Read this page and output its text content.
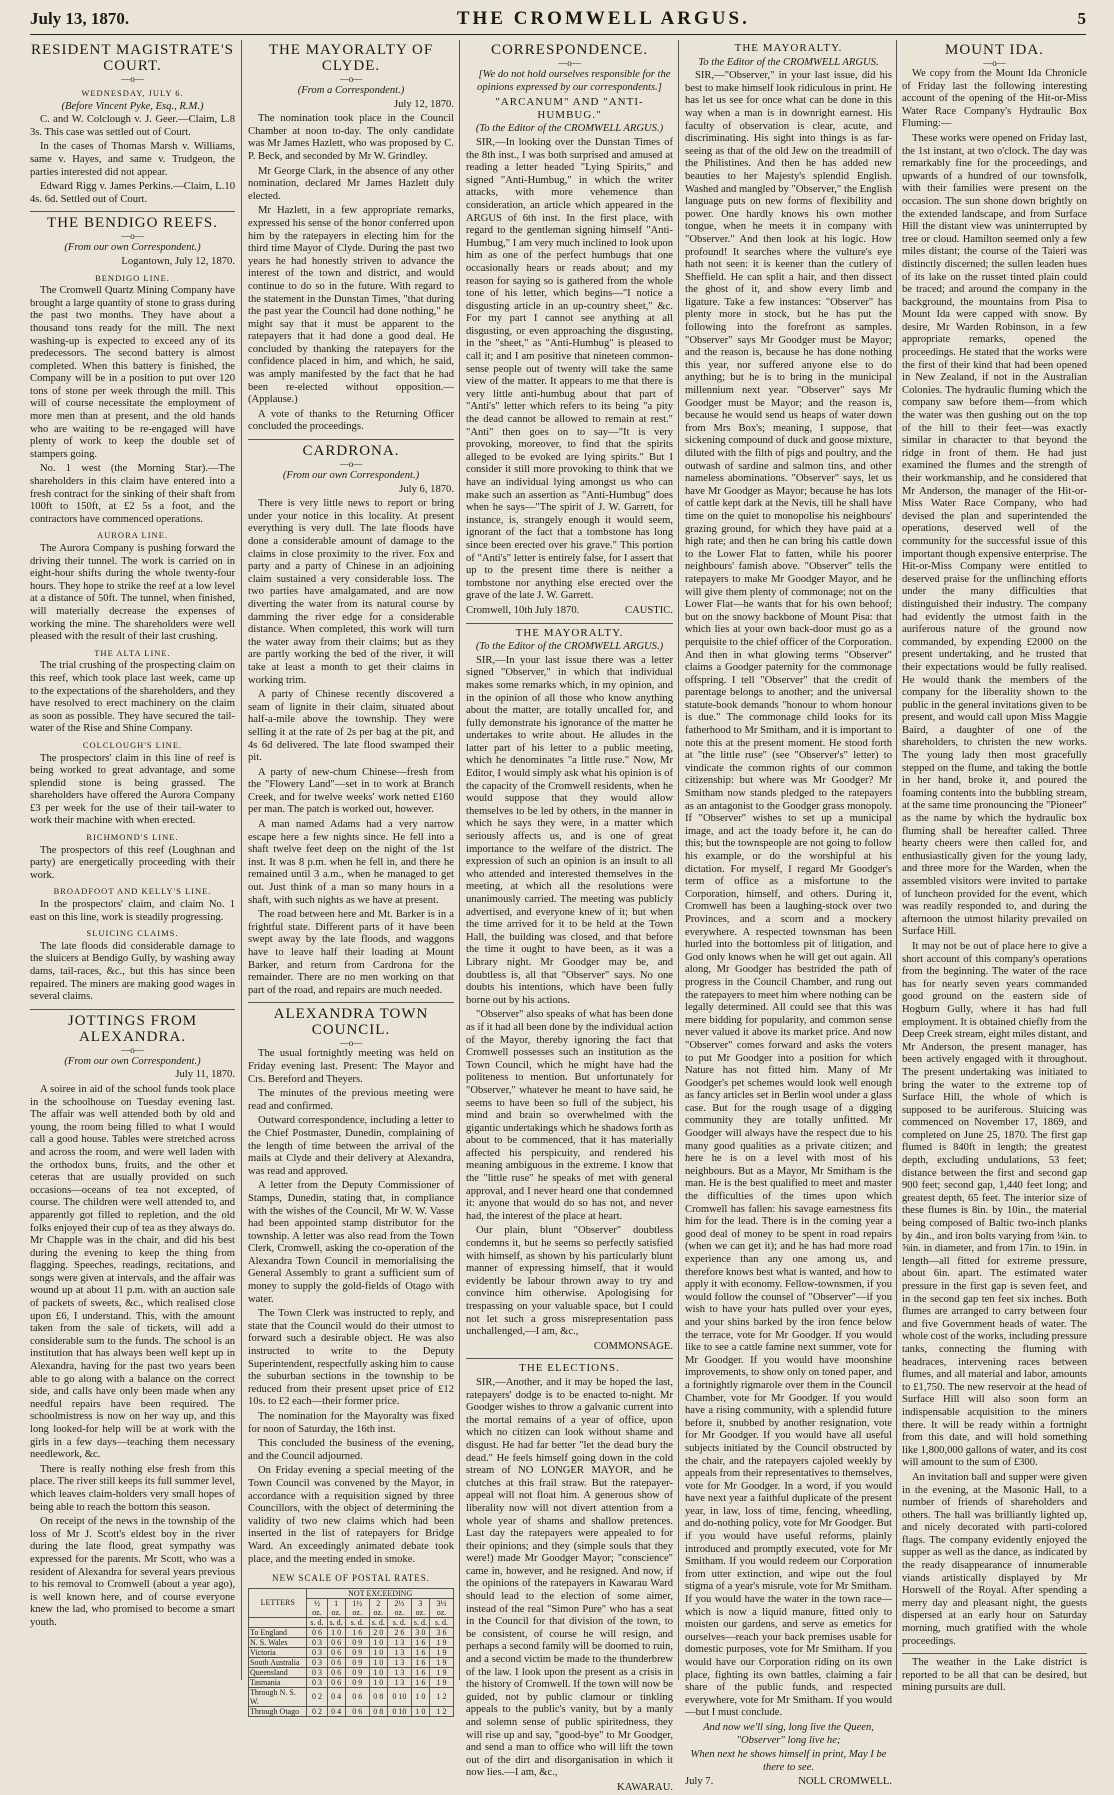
July 13, 1870.	THE CROMWELL ARGUS.	5
RESIDENT MAGISTRATE'S COURT.
—o—
WEDNESDAY, JULY 6.
(Before Vincent Pyke, Esq., R.M.)

C. and W. Colclough v. J. Geer.—Claim, L.8 3s. This case was settled out of Court.

In the cases of Thomas Marsh v. Williams, same v. Hayes, and same v. Trudgeon, the parties interested did not appear.

Edward Rigg v. James Perkins.—Claim, L.10 4s. 6d. Settled out of Court.

THE BENDIGO REEFS.
—o—
(From our own Correspondent.)
Logantown, July 12, 1870.
BENDIGO LINE.

The Cromwell Quartz Mining Company have brought a large quantity of stone to grass during the past two months. They have about a thousand tons ready for the mill. The next washing-up is expected to exceed any of its predecessors. The second battery is almost completed. When this battery is finished, the Company will be in a position to put over 120 tons of stone per week through the mill. This will of course necessitate the employment of more men than at present, and the old hands who are waiting to be re-engaged will have plenty of work to keep the double set of stampers going.

No. 1 west (the Morning Star).—The shareholders in this claim have entered into a fresh contract for the sinking of their shaft from 100ft to 150ft, at £2 5s a foot, and the contractors have commenced operations.

AURORA LINE.

The Aurora Company is pushing forward the driving their tunnel. The work is carried on in eight-hour shifts during the whole twenty-four hours. They hope to strike the reef at a low level at a distance of 50ft. The tunnel, when finished, will materially decrease the expenses of working the mine. The shareholders were well pleased with the result of their last crushing.

THE ALTA LINE.

The trial crushing of the prospecting claim on this reef, which took place last week, came up to the expectations of the shareholders, and they have resolved to erect machinery on the claim as soon as possible. They have secured the tail-water of the Rise and Shine Company.

COLCLOUGH'S LINE.

The prospectors' claim in this line of reef is being worked to great advantage, and some splendid stone is being grassed. The shareholders have offered the Aurora Company £3 per week for the use of their tail-water to work their machine with when erected.

RICHMOND'S LINE.

The prospectors of this reef (Loughnan and party) are energetically proceeding with their work.

BROADFOOT AND KELLY'S LINE.

In the prospectors' claim, and claim No. 1 east on this line, work is steadily progressing.

SLUICING CLAIMS.

The late floods did considerable damage to the sluicers at Bendigo Gully, by washing away dams, tail-races, &c., but this has since been repaired. The miners are making good wages in several claims.

JOTTINGS FROM ALEXANDRA.
—o—
(From our own Correspondent.)
July 11, 1870.

A soiree in aid of the school funds took place in the schoolhouse on Tuesday evening last. The affair was well attended both by old and young, the room being filled to what I would call a good house. Tables were stretched across and across the room, and were well laden with the orthodox buns, fruits, and the other et ceteras that are usually provided on such occasions—oceans of tea not excepted, of course. The children were well attended to, and apparently got filled to repletion, and the old folks enjoyed their cup of tea as they always do. Mr Chapple was in the chair, and did his best during the evening to keep the thing from flagging. Speeches, readings, recitations, and songs were given at intervals, and the affair was wound up at about 11 p.m. with an auction sale of packets of sweets, &c., which realised close upon £6, I understand. This, with the amount taken from the sale of tickets, will add a considerable sum to the funds. The school is an institution that has always been well kept up in Alexandra, having for the past two years been able to go along with a balance on the correct side, and calls have only been made when any needful repairs have been required. The schoolmistress is now on her way up, and this long looked-for help will be at work with the girls in a few days—teaching them necessary needlework, &c.

There is really nothing else fresh from this place. The river still keeps its full summer level, which leaves claim-holders very small hopes of being able to reach the bottom this season.

On receipt of the news in the township of the loss of Mr J. Scott's eldest boy in the river during the late flood, great sympathy was expressed for the parents. Mr Scott, who was a resident of Alexandra for several years previous to his removal to Cromwell (about a year ago), is well known here, and of course everyone knew the lad, who promised to become a smart youth.

THE MAYORALTY OF CLYDE.
—o—
(From a Correspondent.)
July 12, 1870.

The nomination took place in the Council Chamber at noon to-day. The only candidate was Mr James Hazlett, who was proposed by C. P. Beck, and seconded by Mr W. Grindley.

Mr George Clark, in the absence of any other nomination, declared Mr James Hazlett duly elected.

Mr Hazlett, in a few appropriate remarks, expressed his sense of the honor conferred upon him by the ratepayers in electing him for the third time Mayor of Clyde. During the past two years he had honestly striven to advance the interest of the town and district, and would continue to do so in the future. With regard to the statement in the Dunstan Times, "that during the past year the Council had done nothing," he might say that it must be apparent to the ratepayers that it had done a good deal. He concluded by thanking the ratepayers for the confidence placed in him, and which, he said, was amply manifested by the fact that he had been re-elected without opposition.—(Applause.)

A vote of thanks to the Returning Officer concluded the proceedings.

CARDRONA.
—o—
(From our own Correspondent.)
July 6, 1870.

There is very little news to report or bring under your notice in this locality. At present everything is very dull. The late floods have done a considerable amount of damage to the claims in close proximity to the river. Fox and party and a party of Chinese in an adjoining claim sustained a very considerable loss. The two parties have amalgamated, and are now diverting the water from its natural course by damming the river edge for a considerable distance. When completed, this work will turn the water away from their claims; but as they are partly working the bed of the river, it will take at least a month to get their claims in working trim.

A party of Chinese recently discovered a seam of lignite in their claim, situated about half-a-mile above the township. They were selling it at the rate of 2s per bag at the pit, and 4s 6d delivered. The late flood swamped their pit.

A party of new-chum Chinese—fresh from the "Flowery Land"—set in to work at Branch Creek, and for twelve weeks' work netted £160 per man. The patch is worked out, however.

A man named Adams had a very narrow escape here a few nights since. He fell into a shaft twelve feet deep on the night of the 1st inst. It was 8 p.m. when he fell in, and there he remained until 3 a.m., when he managed to get out. Just think of a man so many hours in a shaft, with such nights as we have at present.

The road between here and Mt. Barker is in a frightful state. Different parts of it have been swept away by the late floods, and waggons have to leave half their loading at Mount Barker, and return from Cardrona for the remainder. There are no men working on that part of the road, and repairs are much needed.

ALEXANDRA TOWN COUNCIL.
—o—

The usual fortnightly meeting was held on Friday evening last. Present: The Mayor and Crs. Bereford and Theyers.

The minutes of the previous meeting were read and confirmed.

Outward correspondence, including a letter to the Chief Postmaster, Dunedin, complaining of the length of time between the arrival of the mails at Clyde and their delivery at Alexandra, was read and approved.

A letter from the Deputy Commissioner of Stamps, Dunedin, stating that, in compliance with the wishes of the Council, Mr W. W. Vasse had been appointed stamp distributor for the township. A letter was also read from the Town Clerk, Cromwell, asking the co-operation of the Alexandra Town Council in memorialising the General Assembly to grant a sufficient sum of money to supply the gold-fields of Otago with water.

The Town Clerk was instructed to reply, and state that the Council would do their utmost to forward such a desirable object. He was also instructed to write to the Deputy Superintendent, respectfully asking him to cause the suburban sections in the township to be reduced from their present upset price of £12 10s. to £2 each—their former price.

The nomination for the Mayoralty was fixed for noon of Saturday, the 16th inst.

This concluded the business of the evening, and the Council adjourned.

On Friday evening a special meeting of the Town Council was convened by the Mayor, in accordance with a requisition signed by three Councillors, with the object of determining the validity of two new claims which had been inserted in the list of ratepayers for Bridge Ward. An exceedingly animated debate took place, and the meeting ended in smoke.

NEW SCALE OF POSTAL RATES.
LETTERS	NOT EXCEEDING						
	½ oz.	1 oz.	1½ oz.	2 oz.	2½ oz.	3 oz.	3½ oz.
	s. d.	s. d.	s. d.	s. d.	s. d.	s. d.	s. d.
To England	0 6	1 0	1 6	2 0	2 6	3 0	3 6
N. S. Wales	0 3	0 6	0 9	1 0	1 3	1 6	1 9
Victoria	0 3	0 6	0 9	1 0	1 3	1 6	1 9
South Australia	0 3	0 6	0 9	1 0	1 3	1 6	1 9
Queensland	0 3	0 6	0 9	1 0	1 3	1 6	1 9
Tasmania	0 3	0 6	0 9	1 0	1 3	1 6	1 9
Through N. S. W.	0 2	0 4	0 6	0 8	0 10	1 0	1 2
Through Otago	0 2	0 4	0 6	0 8	0 10	1 0	1 2
CORRESPONDENCE.
—o—

[We do not hold ourselves responsible for the opinions expressed by our correspondents.]

"ARCANUM" AND "ANTI-HUMBUG."
(To the Editor of the CROMWELL ARGUS.)

SIR,—In looking over the Dunstan Times of the 8th inst., I was both surprised and amused at reading a letter headed "Lying Spirits," and signed "Anti-Humbug," in which the writer attacks, with more vehemence than consideration, an article which appeared in the ARGUS of 6th inst. In the first place, with regard to the gentleman signing himself "Anti-Humbug," I am very much inclined to look upon him as one of the perfect humbugs that one occasionally hears or reads about; and my reason for saying so is gathered from the whole tone of his letter, which begins—"I notice a disgusting article in an up-country sheet," &c. For my part I cannot see anything at all disgusting, or even approaching the disgusting, in the "sheet," as "Anti-Humbug" is pleased to call it; and I am positive that nineteen common-sense people out of twenty will take the same view of the matter. It appears to me that there is very little anti-humbug about that part of "Anti's" letter which refers to its being "a pity the dead cannot be allowed to remain at rest." "Anti" then goes on to say—"It is very provoking, moreover, to find that the spirits alleged to be evoked are lying spirits." But I consider it still more provoking to think that we have an individual lying amongst us who can make such an assertion as "Anti-Humbug" does when he says—"The spirit of J. W. Garrett, for instance, is, strangely enough it would seem, ignorant of the fact that a tombstone has long since been erected over his grave." This portion of "Anti's" letter is entirely false, for I assert that up to the present time there is neither a tombstone nor anything else erected over the grave of the late J. W. Garrett.

Cromwell, 10th July 1870.	CAUSTIC.
THE MAYORALTY.
(To the Editor of the CROMWELL ARGUS.)

SIR,—In your last issue there was a letter signed "Observer," in which that individual makes some remarks which, in my opinion, and in the opinion of all those who know anything about the matter, are totally uncalled for, and fully demonstrate his ignorance of the matter he undertakes to write about. He alludes in the latter part of his letter to a public meeting, which he denominates "a little ruse." Now, Mr Editor, I would simply ask what his opinion is of the capacity of the Cromwell residents, when he would suppose that they would allow themselves to be led by others, in the manner in which he says they were, in a matter which seriously affects us, and is one of great importance to the welfare of the district. The expression of such an opinion is an insult to all who attended and interested themselves in the meeting, at which all the resolutions were unanimously carried. The meeting was publicly advertised, and everyone knew of it; but when the time arrived for it to be held at the Town Hall, the building was closed, and that before the time it ought to have been, as it was a Library night. Mr Goodger may be, and doubtless is, all that "Observer" says. No one doubts his intentions, which have been fully borne out by his actions.

"Observer" also speaks of what has been done as if it had all been done by the individual action of the Mayor, thereby ignoring the fact that Cromwell possesses such an institution as the Town Council, which he might have had the politeness to mention. But unfortunately for "Observer," whatever he meant to have said, he seems to have been so full of the subject, his mind and brain so overwhelmed with the gigantic undertakings which he shadows forth as about to be commenced, that it has materially affected his perspicuity, and rendered his meaning ambiguous in the extreme. I know that the "little ruse" he speaks of met with general approval, and I never heard one that condemned it: anyone that would do so has not, and never had, the interest of the place at heart.

Our plain, blunt "Observer" doubtless condemns it, but he seems so perfectly satisfied with himself, as shown by his particularly blunt manner of expressing himself, that it would evidently be labour thrown away to try and convince him otherwise. Apologising for trespassing on your valuable space, but I could not let such a gross misrepresentation pass unchallenged,—I am, &c.,

COMMONSAGE.
THE ELECTIONS.

SIR,—Another, and it may be hoped the last, ratepayers' dodge is to be enacted to-night. Mr Goodger wishes to throw a galvanic current into the mortal remains of a year of office, upon which no citizen can look without shame and disgust. He had far better "let the dead bury the dead." He feels himself going down in the cold stream of NO LONGER MAYOR, and he clutches at this frail straw. But the ratepayer-appeal will not float him. A generous show of liberality now will not divert attention from a whole year of shams and shallow pretences. Last day the ratepayers were appealed to for their opinions; and they (simple souls that they were!) made Mr Goodger Mayor; "conscience" came in, however, and he resigned. And now, if the opinions of the ratepayers in Kawarau Ward should lead to the election of some aimer, instead of the real "Simon Pure" who has a seat in the Council for that division of the town, to be consistent, of course he will resign, and perhaps a second family will be doomed to ruin, and a second victim be made to the thunderbrew of the law. I look upon the present as a crisis in the history of Cromwell. If the town will now be guided, not by public clamour or tinkling appeals to the public's vanity, but by a manly and solemn sense of public spiritedness, they will rise up and say, "good-bye" to Mr Goodger, and send a man to office who will lift the town out of the dirt and disorganisation in which it now lies.—I am, &c.,

KAWARAU.
THE MAYORALTY.
To the Editor of the CROMWELL ARGUS.

SIR,—"Observer," in your last issue, did his best to make himself look ridiculous in print. He has let us see for once what can be done in this way when a man is in downright earnest. His faculty of observation is clear, acute, and discriminating. His sight into things is as far-seeing as that of the old Jew on the treadmill of the Philistines. And then he has added new beauties to her Majesty's splendid English. Washed and mangled by "Observer," the English language puts on new forms of flexibility and power. One hardly knows his own mother tongue, when he meets it in company with "Observer." And then look at his logic. How profound! It searches where the vulture's eye hath not seen: it is keener than the cutlery of Sheffield. He can split a hair, and then dissect the ghost of it, and show every limb and ligature. Take a few instances: "Observer" has plenty more in stock, but he has put the following into the forefront as samples. "Observer" says Mr Goodger must be Mayor; and the reason is, because he has done nothing this year, nor suffered anyone else to do anything; but he is to bring in the municipal millennium next year. "Observer" says Mr Goodger must be Mayor; and the reason is, because he would send us heaps of water down from Mrs Box's; meaning, I suppose, that sickening compound of duck and goose mixture, diluted with the filth of pigs and poultry, and the outwash of sardine and salmon tins, and other nameless abominations. "Observer" says, let us have Mr Goodger as Mayor; because he has lots of cattle kept dark at the Nevis, till he shall have time on the quiet to monopolise his neighbours' grazing ground, for which they have paid at a high rate; and then he can bring his cattle down to the Lower Flat to fatten, while his poorer neighbours' famish above. "Observer" tells the ratepayers to make Mr Goodger Mayor, and he will give them plenty of commonage; not on the Lower Flat—he wants that for his own behoof; but on the snowy backbone of Mount Pisa: that which lies at your own back-door must go as a perquisite to the chief officer of the Corporation. And then in what glowing terms "Observer" claims a Goodger paternity for the commonage offspring. I tell "Observer" that the credit of parentage belongs to another; and the universal statute-book demands "honour to whom honour is due." The commonage child looks for its fatherhood to Mr Smitham, and it is important to note this at the present moment. He stood forth at "the little ruse" (see "Observer's" letter) to vindicate the common rights of our common citizenship: but where was Mr Goodger? Mr Smitham now stands pledged to the ratepayers as an antagonist to the Goodger grass monopoly. If "Observer" wishes to set up a municipal image, and act the toady before it, he can do this; but the townspeople are not going to follow his example, or do the worshipful at his dictation. For myself, I regard Mr Goodger's term of office as a misfortune to the Corporation, himself, and others. During it, Cromwell has been a laughing-stock over two Provinces, and a scorn and a mockery everywhere. A respected townsman has been hurled into the bottomless pit of litigation, and God only knows when he will get out again. All along, Mr Goodger has bestrided the path of progress in the Council Chamber, and rung out the ratepayers to meet him where nothing can be legally determined. All could see that this was mere bidding for popularity, and common sense never valued it above its market price. And now "Observer" comes forward and asks the voters to put Mr Goodger into a position for which Nature has not fitted him. Many of Mr Goodger's pet schemes would look well enough as fancy articles set in Berlin wool under a glass case. But for the rough usage of a digging community they are totally unfitted. Mr Goodger will always have the respect due to his many good qualities as a private citizen; and here he is on a level with most of his neighbours. But as a Mayor, Mr Smitham is the man. He is the best qualified to meet and master the difficulties of the times upon which Cromwell has fallen: his savage earnestness fits him for the lead. There is in the coming year a good deal of money to be spent in road repairs (when we can get it); and he has had more road experience than any one among us, and therefore knows best what is wanted, and how to apply it with economy. Fellow-townsmen, if you would follow the counsel of "Observer"—if you wish to have your hats pulled over your eyes, and your shins barked by the iron fence below the terrace, vote for Mr Goodger. If you would like to see a cattle famine next summer, vote for Mr Goodger. If you would have moonshine improvements, to show only on toned paper, and a fortnightly rigmarole over them in the Council Chamber, vote for Mr Goodger. If you would have a rising community, with a splendid future before it, snubbed by another resignation, vote for Mr Goodger. If you would have all useful subjects initiated by the Council obstructed by the chair, and the ratepayers cajoled weekly by appeals from their representatives to themselves, vote for Mr Goodger. In a word, if you would have next year a faithful duplicate of the present year, in law, loss of time, fencing, wheedling, and do-nothing policy, vote for Mr Goodger. But if you would have useful reforms, plainly introduced and promptly executed, vote for Mr Smitham. If you would redeem our Corporation from utter extinction, and wipe out the foul stigma of a year's misrule, vote for Mr Smitham. If you would have the water in the town race—which is now a liquid manure, fitted only to moisten our gardens, and serve as emetics for ourselves—reach your back premises usable for domestic purposes, vote for Mr Smitham. If you would have our Corporation riding on its own place, fighting its own battles, claiming a fair share of the public funds, and respected everywhere, vote for Mr Smitham. If you would—but I must conclude.

And now we'll sing, long live the Queen, "Observer" long live he;
When next he shows himself in print, May I be there to see.
July 7.	NOLL CROMWELL.
MOUNT IDA.
—o—

We copy from the Mount Ida Chronicle of Friday last the following interesting account of the opening of the Hit-or-Miss Water Race Company's Hydraulic Box Fluming:—

These works were opened on Friday last, the 1st instant, at two o'clock. The day was remarkably fine for the proceedings, and upwards of a hundred of our townsfolk, with their families were present on the occasion. The sun shone down brightly on the extended landscape, and from Surface Hill the distant view was uninterrupted by tree or cloud. Hamilton seemed only a few miles distant; the course of the Taieri was distinctly discerned; the sullen leaden hues of its lake on the russet tinted plain could be traced; and around the company in the background, the mountains from Pisa to Mount Ida were capped with snow. By desire, Mr Warden Robinson, in a few appropriate remarks, opened the proceedings. He stated that the works were the first of their kind that had been opened in New Zealand, if not in the Australian Colonies. The hydraulic fluming which the company saw before them—from which the water was then gushing out on the top of the hill to their feet—was exactly similar in character to that beyond the ridge in front of them. He had just examined the flumes and the strength of their workmanship, and he considered that Mr Anderson, the manager of the Hit-or-Miss Water Race Company, who had devised the plan and superintended the operations, deserved well of the community for the successful issue of this important though expensive enterprise. The Hit-or-Miss Company were entitled to deserved praise for the unflinching efforts under the many difficulties that distinguished their industry. The company had evidently the utmost faith in the auriferous nature of the ground now commanded, by expending £2000 on the present undertaking, and he trusted that their expectations would be fully realised. He would thank the members of the company for the liberality shown to the public in the general invitations given to be present, and would call upon Miss Maggie Baird, a daughter of one of the shareholders, to christen the new works. The young lady then most gracefully stepped on the flume, and taking the bottle in her hand, broke it, and poured the foaming contents into the bubbling stream, at the same time pronouncing the "Pioneer" as the name by which the hydraulic box fluming shall be hereafter called. Three hearty cheers were then called for, and enthusiastically given for the young lady, and three more for the Warden, when the assembled visitors were invited to partake of luncheon provided for the event, which was readily responded to, and during the afternoon the utmost hilarity prevailed on Surface Hill.

It may not be out of place here to give a short account of this company's operations from the beginning. The water of the race has for nearly seven years commanded good ground on the eastern side of Hogburn Gully, where it has had full employment. It is obtained chiefly from the Deep Creek stream, eight miles distant, and Mr Anderson, the present manager, has been actively engaged with it throughout. The present undertaking was initiated to bring the water to the extreme top of Surface Hill, the whole of which is supposed to be auriferous. Sluicing was commenced on November 17, 1869, and completed on June 25, 1870. The first gap flumed is 840ft in length; the greatest depth, excluding undulations, 53 feet; distance between the first and second gap 900 feet; second gap, 1,440 feet long; and greatest depth, 65 feet. The interior size of these flumes is 8in. by 10in., the material being composed of Baltic two-inch planks by 4in., and iron bolts varying from ¼in. to ⅝in. in diameter, and from 17in. to 19in. in length—all fitted for extreme pressure, about 6in. apart. The estimated water pressure in the first gap is seven feet, and in the second gap ten feet six inches. Both flumes are arranged to carry between four and five Government heads of water. The whole cost of the works, including pressure tanks, connecting the fluming with headraces, intervening races between flumes, and all material and labor, amounts to £1,750. The new reservoir at the head of Surface Hill will also soon form an indispensable acquisition to the miners there. It will be ready within a fortnight from this date, and will hold something like 1,800,000 gallons of water, and its cost will amount to the sum of £300.

An invitation ball and supper were given in the evening, at the Masonic Hall, to a number of friends of shareholders and others. The hall was brilliantly lighted up, and nicely decorated with parti-colored flags. The company evidently enjoyed the supper as well as the dance, as indicated by the ready disappearance of innumerable viands artistically displayed by Mr Horswell of the Royal. After spending a merry day and pleasant night, the guests dispersed at an early hour on Saturday morning, much gratified with the whole proceedings.

The weather in the Lake district is reported to be all that can be desired, but mining pursuits are dull.
